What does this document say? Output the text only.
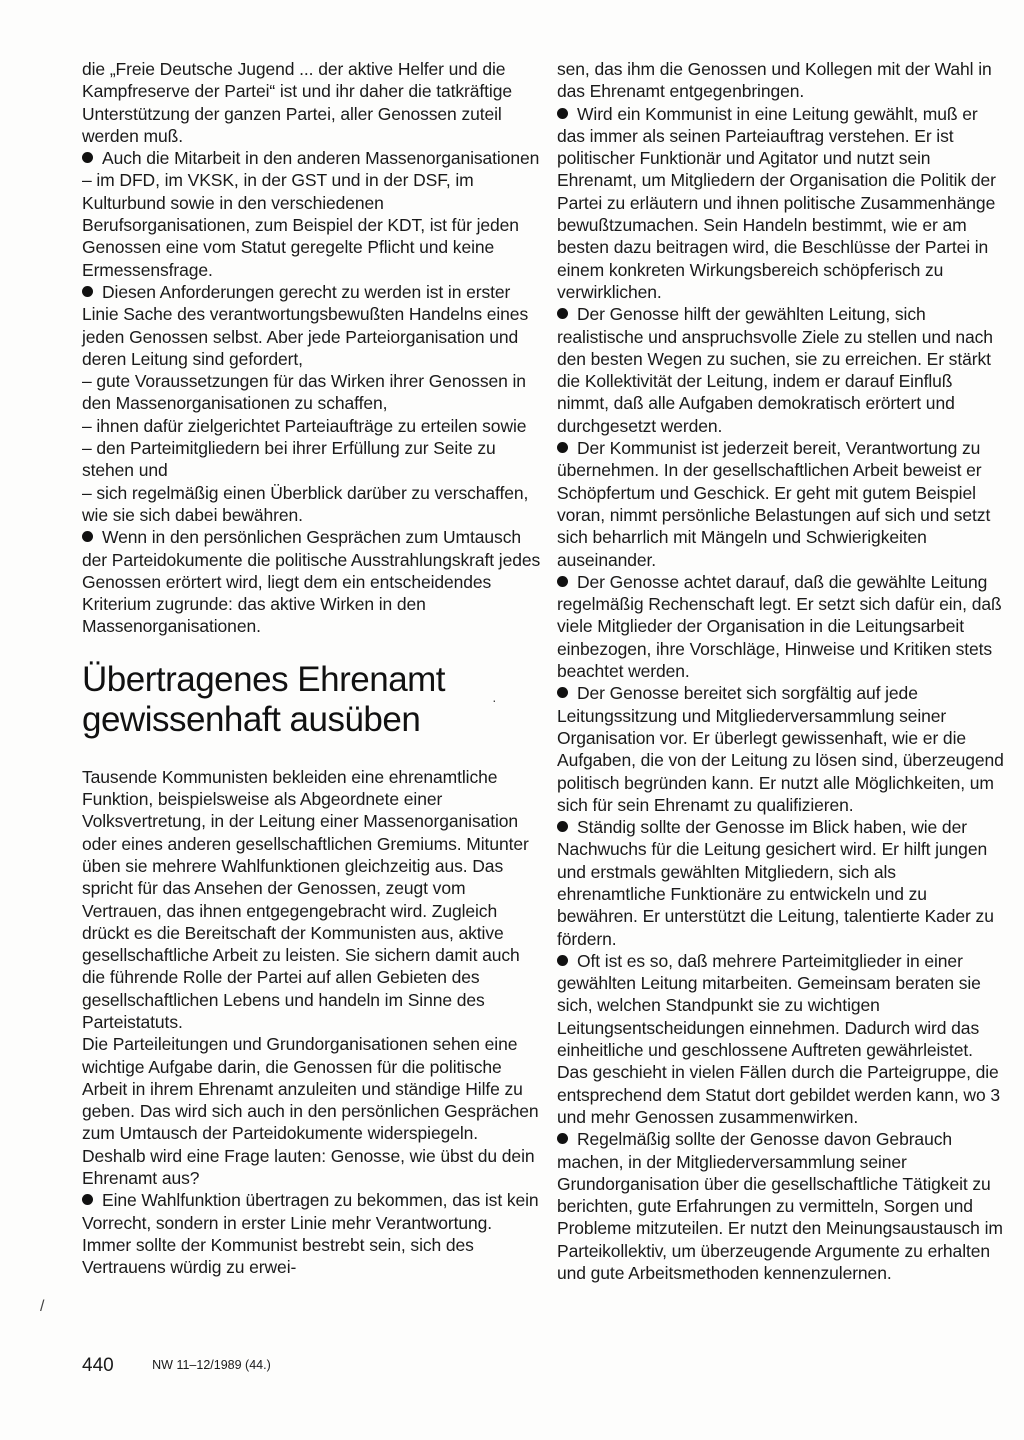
die „Freie Deutsche Jugend ... der aktive Helfer und die Kampfreserve der Partei“ ist und ihr daher die tatkräftige Unterstützung der ganzen Partei, aller Genossen zuteil werden muß.

Auch die Mitarbeit in den anderen Massenorganisationen – im DFD, im VKSK, in der GST und in der DSF, im Kulturbund sowie in den verschiedenen Berufsorganisationen, zum Beispiel der KDT, ist für jeden Genossen eine vom Statut geregelte Pflicht und keine Ermessensfrage.

Diesen Anforderungen gerecht zu werden ist in erster Linie Sache des verantwortungsbewußten Handelns eines jeden Genossen selbst. Aber jede Parteiorganisation und deren Leitung sind gefordert,

– gute Voraussetzungen für das Wirken ihrer Genossen in den Massenorganisationen zu schaffen,

– ihnen dafür zielgerichtet Parteiaufträge zu erteilen sowie

– den Parteimitgliedern bei ihrer Erfüllung zur Seite zu stehen und

– sich regelmäßig einen Überblick darüber zu verschaffen, wie sie sich dabei bewähren.

Wenn in den persönlichen Gesprächen zum Umtausch der Parteidokumente die politische Ausstrahlungskraft jedes Genossen erörtert wird, liegt dem ein entscheidendes Kriterium zugrunde: das aktive Wirken in den Massenorganisationen.

Übertragenes Ehrenamt
gewissenhaft ausüben

Tausende Kommunisten bekleiden eine ehrenamtliche Funktion, beispielsweise als Abgeordnete einer Volksvertretung, in der Leitung einer Massenorganisation oder eines anderen gesellschaftlichen Gremiums. Mitunter üben sie mehrere Wahlfunktionen gleichzeitig aus. Das spricht für das Ansehen der Genossen, zeugt vom Vertrauen, das ihnen entgegengebracht wird. Zugleich drückt es die Bereitschaft der Kommunisten aus, aktive gesellschaftliche Arbeit zu leisten. Sie sichern damit auch die führende Rolle der Partei auf allen Gebieten des gesellschaftlichen Lebens und handeln im Sinne des Parteistatuts.

Die Parteileitungen und Grundorganisationen sehen eine wichtige Aufgabe darin, die Genossen für die politische Arbeit in ihrem Ehrenamt anzuleiten und ständige Hilfe zu geben. Das wird sich auch in den persönlichen Gesprächen zum Umtausch der Parteidokumente widerspiegeln. Deshalb wird eine Frage lauten: Genosse, wie übst du dein Ehrenamt aus?

Eine Wahlfunktion übertragen zu bekommen, das ist kein Vorrecht, sondern in erster Linie mehr Verantwortung. Immer sollte der Kommunist bestrebt sein, sich des Vertrauens würdig zu erwei-

sen, das ihm die Genossen und Kollegen mit der Wahl in das Ehrenamt entgegenbringen.

Wird ein Kommunist in eine Leitung gewählt, muß er das immer als seinen Parteiauftrag verstehen. Er ist politischer Funktionär und Agitator und nutzt sein Ehrenamt, um Mitgliedern der Organisation die Politik der Partei zu erläutern und ihnen politische Zusammenhänge bewußtzumachen. Sein Handeln bestimmt, wie er am besten dazu beitragen wird, die Beschlüsse der Partei in einem konkreten Wirkungsbereich schöpferisch zu verwirklichen.

Der Genosse hilft der gewählten Leitung, sich realistische und anspruchsvolle Ziele zu stellen und nach den besten Wegen zu suchen, sie zu erreichen. Er stärkt die Kollektivität der Leitung, indem er darauf Einfluß nimmt, daß alle Aufgaben demokratisch erörtert und durchgesetzt werden.

Der Kommunist ist jederzeit bereit, Verantwortung zu übernehmen. In der gesellschaftlichen Arbeit beweist er Schöpfertum und Geschick. Er geht mit gutem Beispiel voran, nimmt persönliche Belastungen auf sich und setzt sich beharrlich mit Mängeln und Schwierigkeiten auseinander.

Der Genosse achtet darauf, daß die gewählte Leitung regelmäßig Rechenschaft legt. Er setzt sich dafür ein, daß viele Mitglieder der Organisation in die Leitungsarbeit einbezogen, ihre Vorschläge, Hinweise und Kritiken stets beachtet werden.

Der Genosse bereitet sich sorgfältig auf jede Leitungssitzung und Mitgliederversammlung seiner Organisation vor. Er überlegt gewissenhaft, wie er die Aufgaben, die von der Leitung zu lösen sind, überzeugend politisch begründen kann. Er nutzt alle Möglichkeiten, um sich für sein Ehrenamt zu qualifizieren.

Ständig sollte der Genosse im Blick haben, wie der Nachwuchs für die Leitung gesichert wird. Er hilft jungen und erstmals gewählten Mitgliedern, sich als ehrenamtliche Funktionäre zu entwickeln und zu bewähren. Er unterstützt die Leitung, talentierte Kader zu fördern.

Oft ist es so, daß mehrere Parteimitglieder in einer gewählten Leitung mitarbeiten. Gemeinsam beraten sie sich, welchen Standpunkt sie zu wichtigen Leitungsentscheidungen einnehmen. Dadurch wird das einheitliche und geschlossene Auftreten gewährleistet. Das geschieht in vielen Fällen durch die Parteigruppe, die entsprechend dem Statut dort gebildet werden kann, wo 3 und mehr Genossen zusammenwirken.

Regelmäßig sollte der Genosse davon Gebrauch machen, in der Mitgliederversammlung seiner Grundorganisation über die gesellschaftliche Tätigkeit zu berichten, gute Erfahrungen zu vermitteln, Sorgen und Probleme mitzuteilen. Er nutzt den Meinungsaustausch im Parteikollektiv, um überzeugende Argumente zu erhalten und gute Arbeitsmethoden kennenzulernen.

440	NW 11–12/1989 (44.)
/
·
